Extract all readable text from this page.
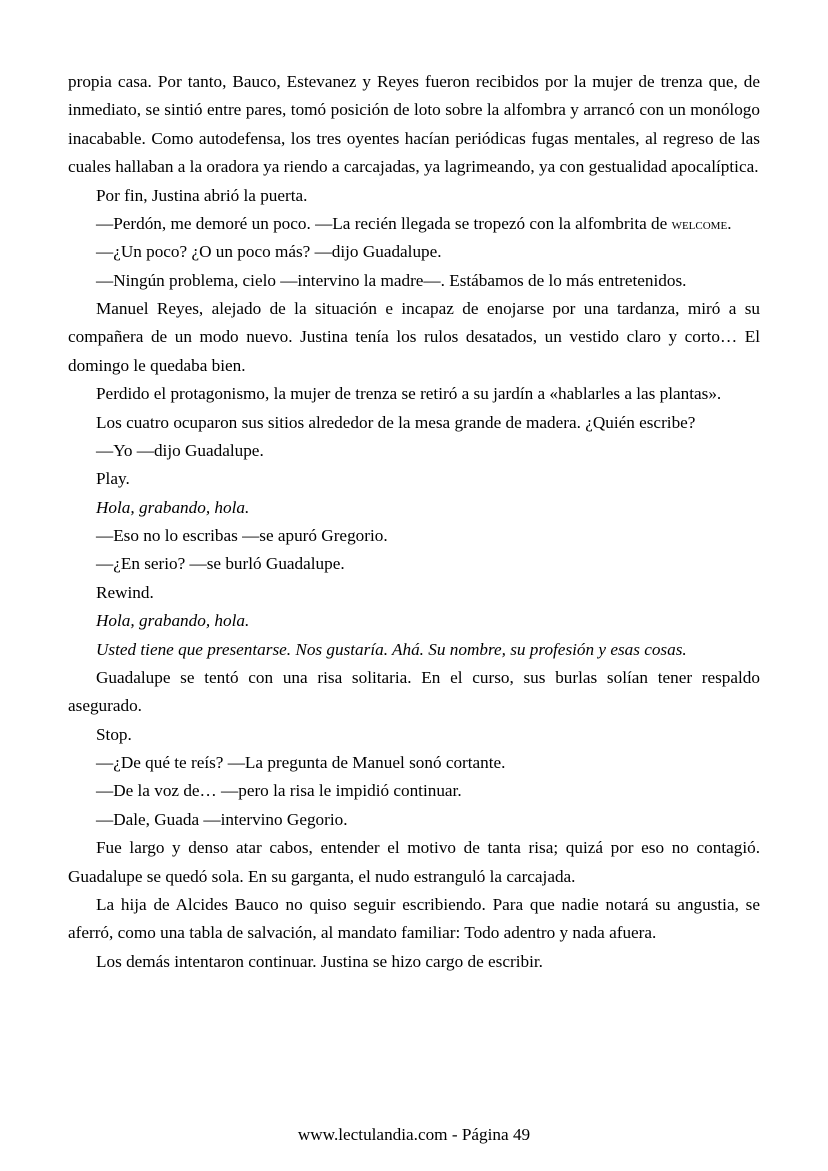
propia casa. Por tanto, Bauco, Estevanez y Reyes fueron recibidos por la mujer de trenza que, de inmediato, se sintió entre pares, tomó posición de loto sobre la alfombra y arrancó con un monólogo inacabable. Como autodefensa, los tres oyentes hacían periódicas fugas mentales, al regreso de las cuales hallaban a la oradora ya riendo a carcajadas, ya lagrimeando, ya con gestualidad apocalíptica.

Por fin, Justina abrió la puerta.

—Perdón, me demoré un poco. —La recién llegada se tropezó con la alfombrita de welcome.

—¿Un poco? ¿O un poco más? —dijo Guadalupe.

—Ningún problema, cielo —intervino la madre—. Estábamos de lo más entretenidos.

Manuel Reyes, alejado de la situación e incapaz de enojarse por una tardanza, miró a su compañera de un modo nuevo. Justina tenía los rulos desatados, un vestido claro y corto… El domingo le quedaba bien.

Perdido el protagonismo, la mujer de trenza se retiró a su jardín a «hablarles a las plantas».

Los cuatro ocuparon sus sitios alrededor de la mesa grande de madera. ¿Quién escribe?

—Yo —dijo Guadalupe.

Play.

Hola, grabando, hola.

—Eso no lo escribas —se apuró Gregorio.

—¿En serio? —se burló Guadalupe.

Rewind.

Hola, grabando, hola.

Usted tiene que presentarse. Nos gustaría. Ahá. Su nombre, su profesión y esas cosas.

Guadalupe se tentó con una risa solitaria. En el curso, sus burlas solían tener respaldo asegurado.

Stop.

—¿De qué te reís? —La pregunta de Manuel sonó cortante.

—De la voz de… —pero la risa le impidió continuar.

—Dale, Guada —intervino Gegorio.

Fue largo y denso atar cabos, entender el motivo de tanta risa; quizá por eso no contagió. Guadalupe se quedó sola. En su garganta, el nudo estranguló la carcajada.

La hija de Alcides Bauco no quiso seguir escribiendo. Para que nadie notará su angustia, se aferró, como una tabla de salvación, al mandato familiar: Todo adentro y nada afuera.

Los demás intentaron continuar. Justina se hizo cargo de escribir.

www.lectulandia.com - Página 49
